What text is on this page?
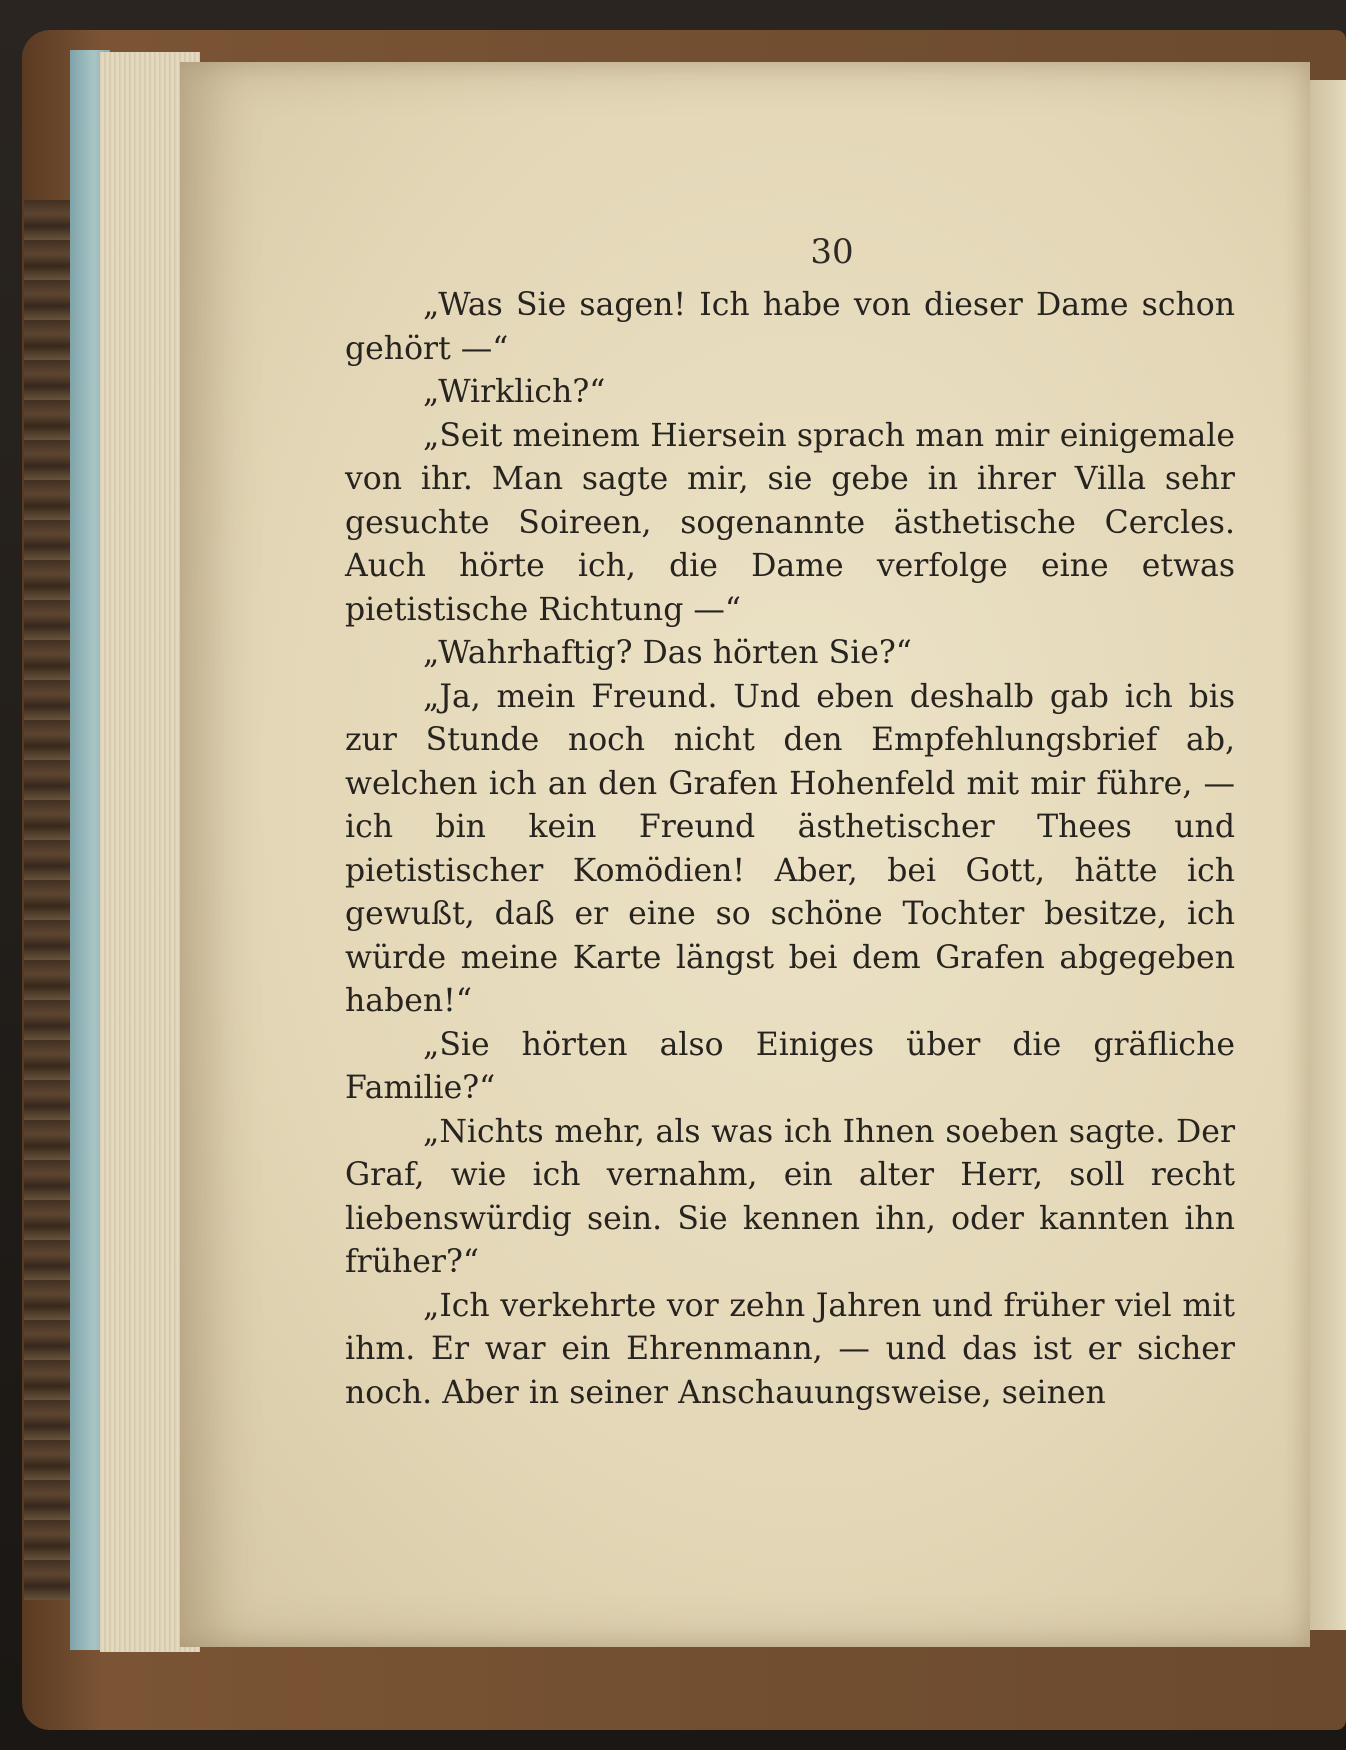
30

„Was Sie sagen! Ich habe von dieser Dame schon gehört —“

„Wirklich?“

„Seit meinem Hiersein sprach man mir einigemale von ihr. Man sagte mir, sie gebe in ihrer Villa sehr gesuchte Soireen, sogenannte ästhetische Cercles. Auch hörte ich, die Dame verfolge eine etwas pietistische Richtung —“

„Wahrhaftig? Das hörten Sie?“

„Ja, mein Freund. Und eben deshalb gab ich bis zur Stunde noch nicht den Empfehlungsbrief ab, welchen ich an den Grafen Hohenfeld mit mir führe, — ich bin kein Freund ästhetischer Thees und pietistischer Komödien! Aber, bei Gott, hätte ich gewußt, daß er eine so schöne Tochter besitze, ich würde meine Karte längst bei dem Grafen abgegeben haben!“

„Sie hörten also Einiges über die gräfliche Familie?“

„Nichts mehr, als was ich Ihnen soeben sagte. Der Graf, wie ich vernahm, ein alter Herr, soll recht liebenswürdig sein. Sie kennen ihn, oder kannten ihn früher?“

„Ich verkehrte vor zehn Jahren und früher viel mit ihm. Er war ein Ehrenmann, — und das ist er sicher noch. Aber in seiner Anschauungsweise, seinen
